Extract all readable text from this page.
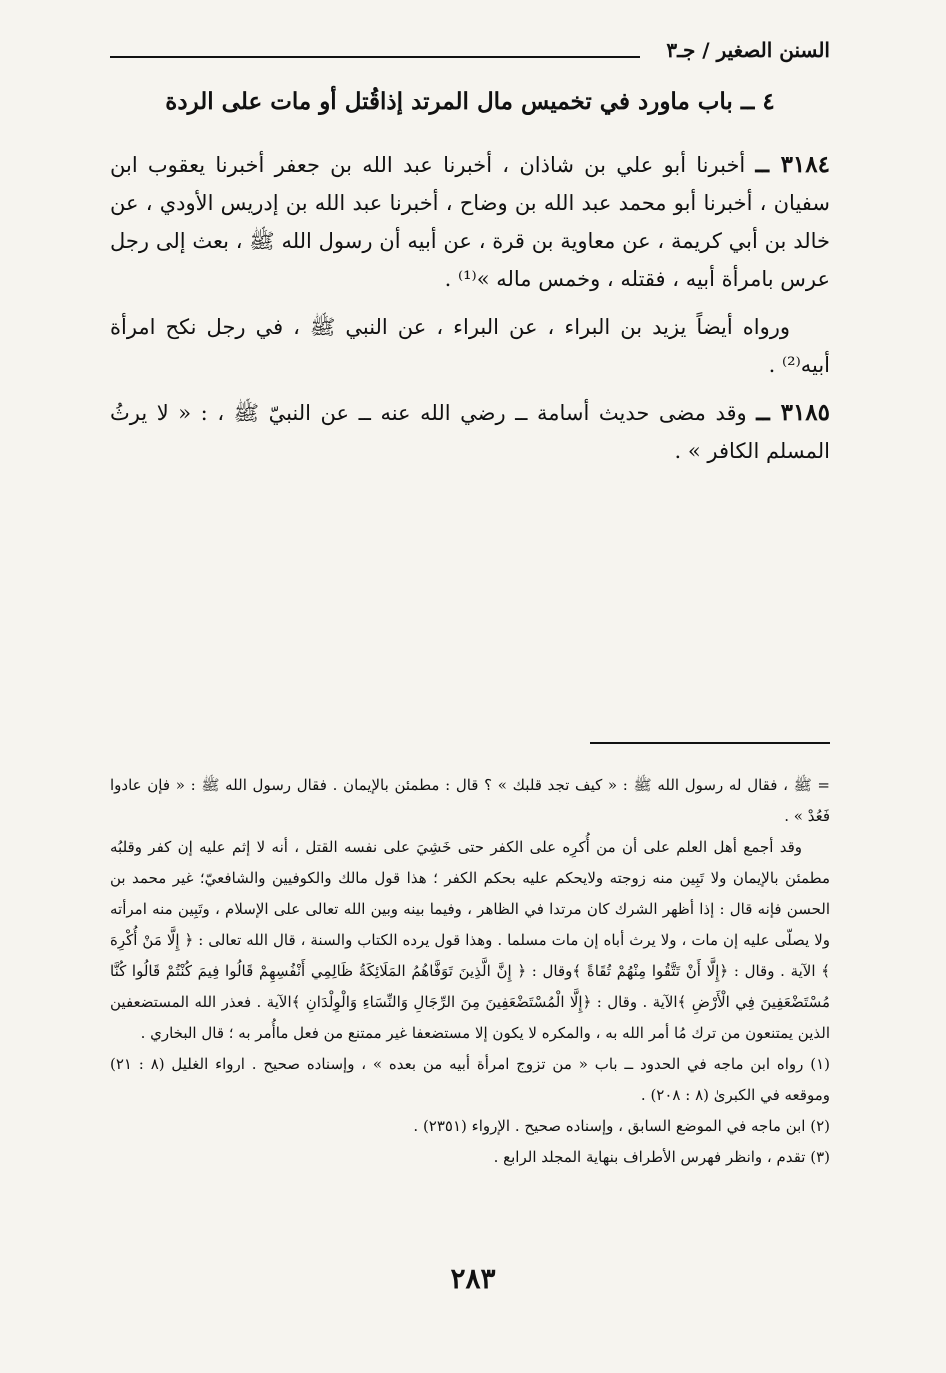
السنن الصغير / جـ٣
٤ ــ باب ماورد في تخميس مال المرتد إذاقُتل أو مات على الردة

٣١٨٤ ــ أخبرنا أبو علي بن شاذان ، أخبرنا عبد الله بن جعفر أخبرنا يعقوب ابن سفيان ، أخبرنا أبو محمد عبد الله بن وضاح ، أخبرنا عبد الله بن إدريس الأودي ، عن خالد بن أبي كريمة ، عن معاوية بن قرة ، عن أبيه أن رسول الله ﷺ ، بعث إلى رجل عرس بامرأة أبيه ، فقتله ، وخمس ماله »⁽¹⁾ .

ورواه أيضاً يزيد بن البراء ، عن البراء ، عن النبي ﷺ ، في رجل نكح امرأة أبيه⁽²⁾ .

٣١٨٥ ــ وقد مضى حديث أسامة ــ رضي الله عنه ــ عن النبيّ ﷺ ، : « لا يرثُ المسلم الكافر » .

= ﷺ ، فقال له رسول الله ﷺ : « كيف تجد قلبك » ؟ قال : مطمئن بالإيمان . فقال رسول الله ﷺ : « فإن عادوا فَعُدْ » .

وقد أجمع أهل العلم على أن من أُكرِه على الكفر حتى خَشِيَ على نفسه القتل ، أنه لا إثم عليه إن كفر وقلبُه مطمئن بالإيمان ولا تَبِين منه زوجته ولايحكم عليه بحكم الكفر ؛ هذا قول مالك والكوفيين والشافعيّ؛ غير محمد بن الحسن فإنه قال : إذا أظهر الشرك كان مرتدا في الظاهر ، وفيما بينه وبين الله تعالى على الإسلام ، وتَبِين منه امرأته ولا يصلّى عليه إن مات ، ولا يرث أباه إن مات مسلما . وهذا قول يرده الكتاب والسنة ، قال الله تعالى : ﴿ إِلَّا مَنْ أُكْرِهَ ﴾ الآية . وقال : ﴿إِلَّا أَنْ تَتَّقُوا مِنْهُمْ تُقَاةً ﴾وقال : ﴿ إِنَّ الَّذِينَ تَوَفَّاهُمُ المَلَائِكَةُ ظَالِمِي أَنْفُسِهِمْ قَالُوا فِيمَ كُنْتُمْ قَالُوا كُنَّا مُسْتَضْعَفِينَ فِي الْأَرْضِ ﴾الآية . وقال : ﴿إِلَّا الْمُسْتَضْعَفِينَ مِنَ الرِّجَالِ وَالنِّسَاءِ وَالْوِلْدَانِ ﴾الآية . فعذر الله المستضعفين الذين يمتنعون من ترك مُا أمر الله به ، والمكره لا يكون إلا مستضعفا غير ممتنع من فعل ماأُمر به ؛ قال البخاري .

(١) رواه ابن ماجه في الحدود ــ باب « من تزوج امرأة أبيه من بعده » ، وإسناده صحيح . ارواء الغليل (٨ : ٢١) وموقعه في الكبرىٰ (٨ : ٢٠٨) .

(٢) ابن ماجه في الموضع السابق ، وإسناده صحيح . الإرواء (٢٣٥١) .

(٣) تقدم ، وانظر فهرس الأطراف بنهاية المجلد الرابع .

٢٨٣
